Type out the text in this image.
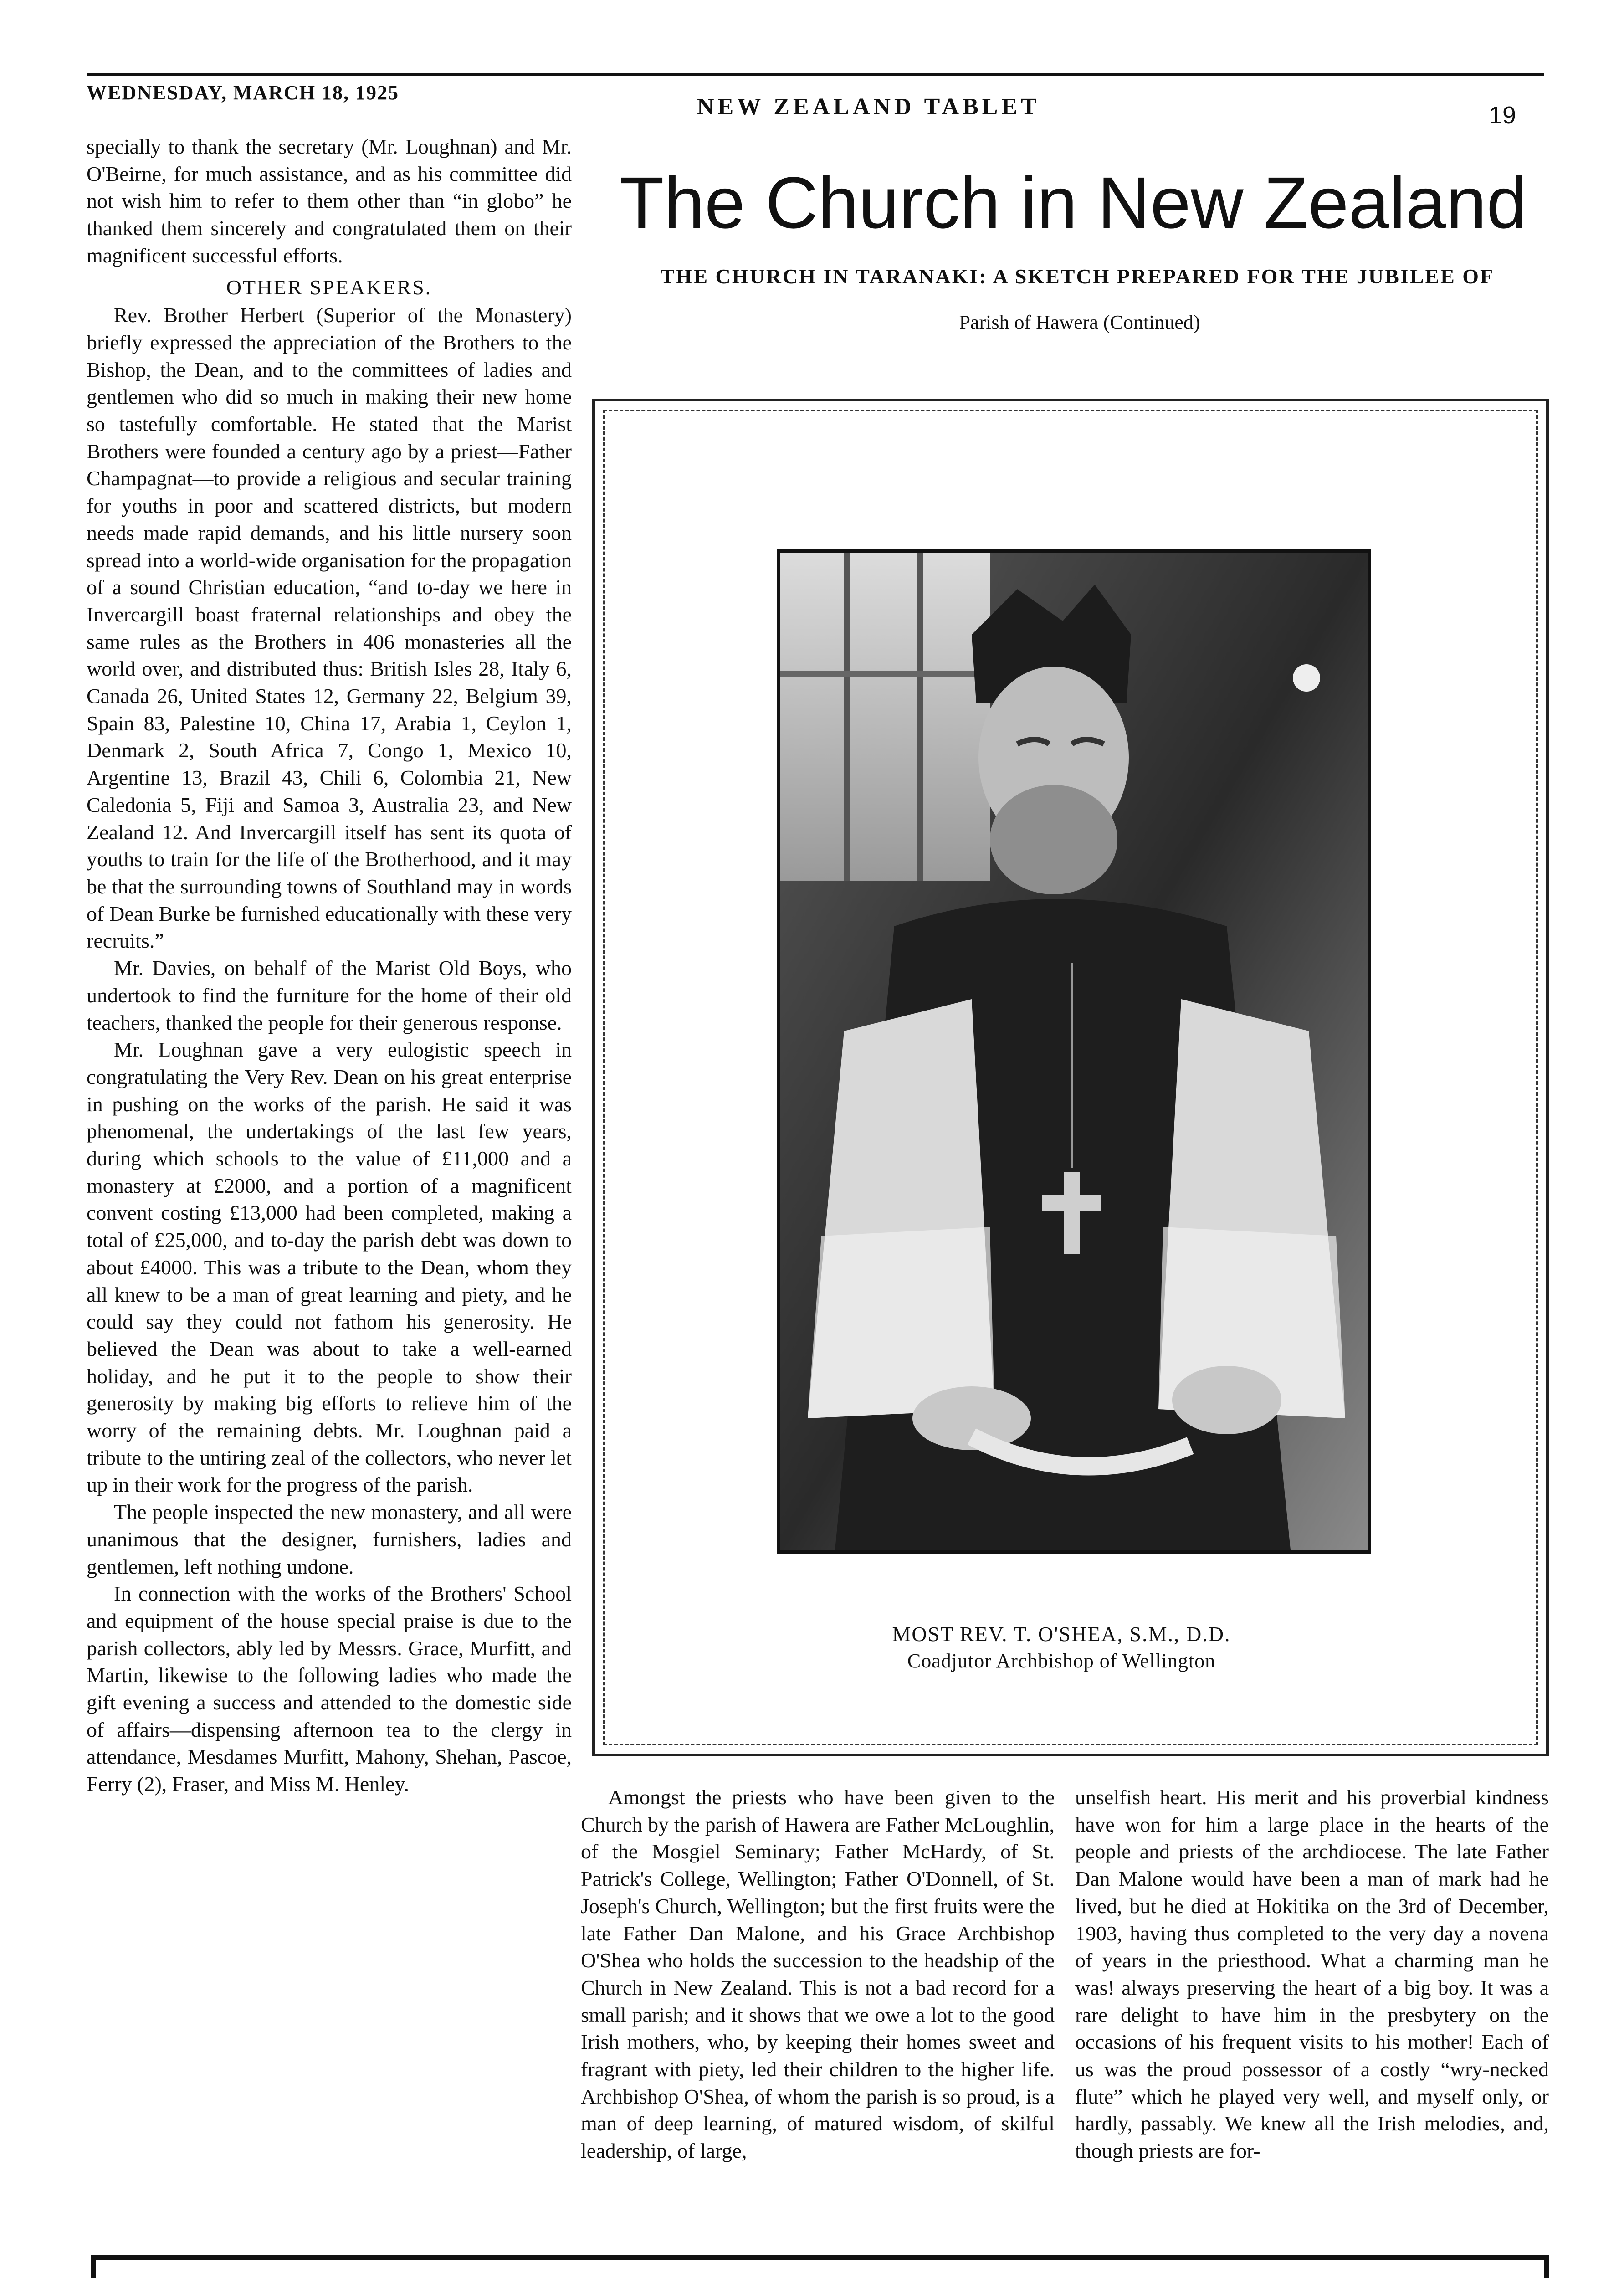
WEDNESDAY, MARCH 18, 1925
NEW ZEALAND TABLET	19

specially to thank the secretary (Mr. Loughnan) and Mr. O'Beirne, for much assistance, and as his committee did not wish him to refer to them other than “in globo” he thanked them sincerely and congratulated them on their magnificent successful efforts.

OTHER SPEAKERS.

Rev. Brother Herbert (Superior of the Monastery) briefly expressed the appreciation of the Brothers to the Bishop, the Dean, and to the committees of ladies and gentlemen who did so much in making their new home so tastefully comfortable. He stated that the Marist Brothers were founded a century ago by a priest—Father Champagnat—to provide a religious and secular training for youths in poor and scattered districts, but modern needs made rapid demands, and his little nursery soon spread into a world-wide organisation for the propagation of a sound Christian education, “and to-day we here in Invercargill boast fraternal relationships and obey the same rules as the Brothers in 406 monasteries all the world over, and distributed thus: British Isles 28, Italy 6, Canada 26, United States 12, Germany 22, Belgium 39, Spain 83, Palestine 10, China 17, Arabia 1, Ceylon 1, Denmark 2, South Africa 7, Congo 1, Mexico 10, Argentine 13, Brazil 43, Chili 6, Colombia 21, New Caledonia 5, Fiji and Samoa 3, Australia 23, and New Zealand 12. And Invercargill itself has sent its quota of youths to train for the life of the Brotherhood, and it may be that the surrounding towns of Southland may in words of Dean Burke be furnished educationally with these very recruits.”

Mr. Davies, on behalf of the Marist Old Boys, who undertook to find the furniture for the home of their old teachers, thanked the people for their generous response.

Mr. Loughnan gave a very eulogistic speech in congratulating the Very Rev. Dean on his great enterprise in pushing on the works of the parish. He said it was phenomenal, the undertakings of the last few years, during which schools to the value of £11,000 and a monastery at £2000, and a portion of a magnificent convent costing £13,000 had been completed, making a total of £25,000, and to-day the parish debt was down to about £4000. This was a tribute to the Dean, whom they all knew to be a man of great learning and piety, and he could say they could not fathom his generosity. He believed the Dean was about to take a well-earned holiday, and he put it to the people to show their generosity by making big efforts to relieve him of the worry of the remaining debts. Mr. Loughnan paid a tribute to the untiring zeal of the collectors, who never let up in their work for the progress of the parish.

The people inspected the new monastery, and all were unanimous that the designer, furnishers, ladies and gentlemen, left nothing undone.

In connection with the works of the Brothers' School and equipment of the house special praise is due to the parish collectors, ably led by Messrs. Grace, Murfitt, and Martin, likewise to the following ladies who made the gift evening a success and attended to the domestic side of affairs—dispensing afternoon tea to the clergy in attendance, Mesdames Murfitt, Mahony, Shehan, Pascoe, Ferry (2), Fraser, and Miss M. Henley.

The Church in New Zealand
THE CHURCH IN TARANAKI: A SKETCH PREPARED FOR THE JUBILEE OF
Parish of Hawera (Continued)
MOST REV. T. O'SHEA, S.M., D.D.
Coadjutor Archbishop of Wellington

Amongst the priests who have been given to the Church by the parish of Hawera are Father McLoughlin, of the Mosgiel Seminary; Father McHardy, of St. Patrick's College, Wellington; Father O'Donnell, of St. Joseph's Church, Wellington; but the first fruits were the late Father Dan Malone, and his Grace Archbishop O'Shea who holds the succession to the headship of the Church in New Zealand. This is not a bad record for a small parish; and it shows that we owe a lot to the good Irish mothers, who, by keeping their homes sweet and fragrant with piety, led their children to the higher life. Archbishop O'Shea, of whom the parish is so proud, is a man of deep learning, of matured wisdom, of skilful leadership, of large,

unselfish heart. His merit and his proverbial kindness have won for him a large place in the hearts of the people and priests of the archdiocese. The late Father Dan Malone would have been a man of mark had he lived, but he died at Hokitika on the 3rd of December, 1903, having thus completed to the very day a novena of years in the priesthood. What a charming man he was! always preserving the heart of a big boy. It was a rare delight to have him in the presbytery on the occasions of his frequent visits to his mother! Each of us was the proud possessor of a costly “wry-necked flute” which he played very well, and myself only, or hardly, passably. We knew all the Irish melodies, and, though priests are for-
